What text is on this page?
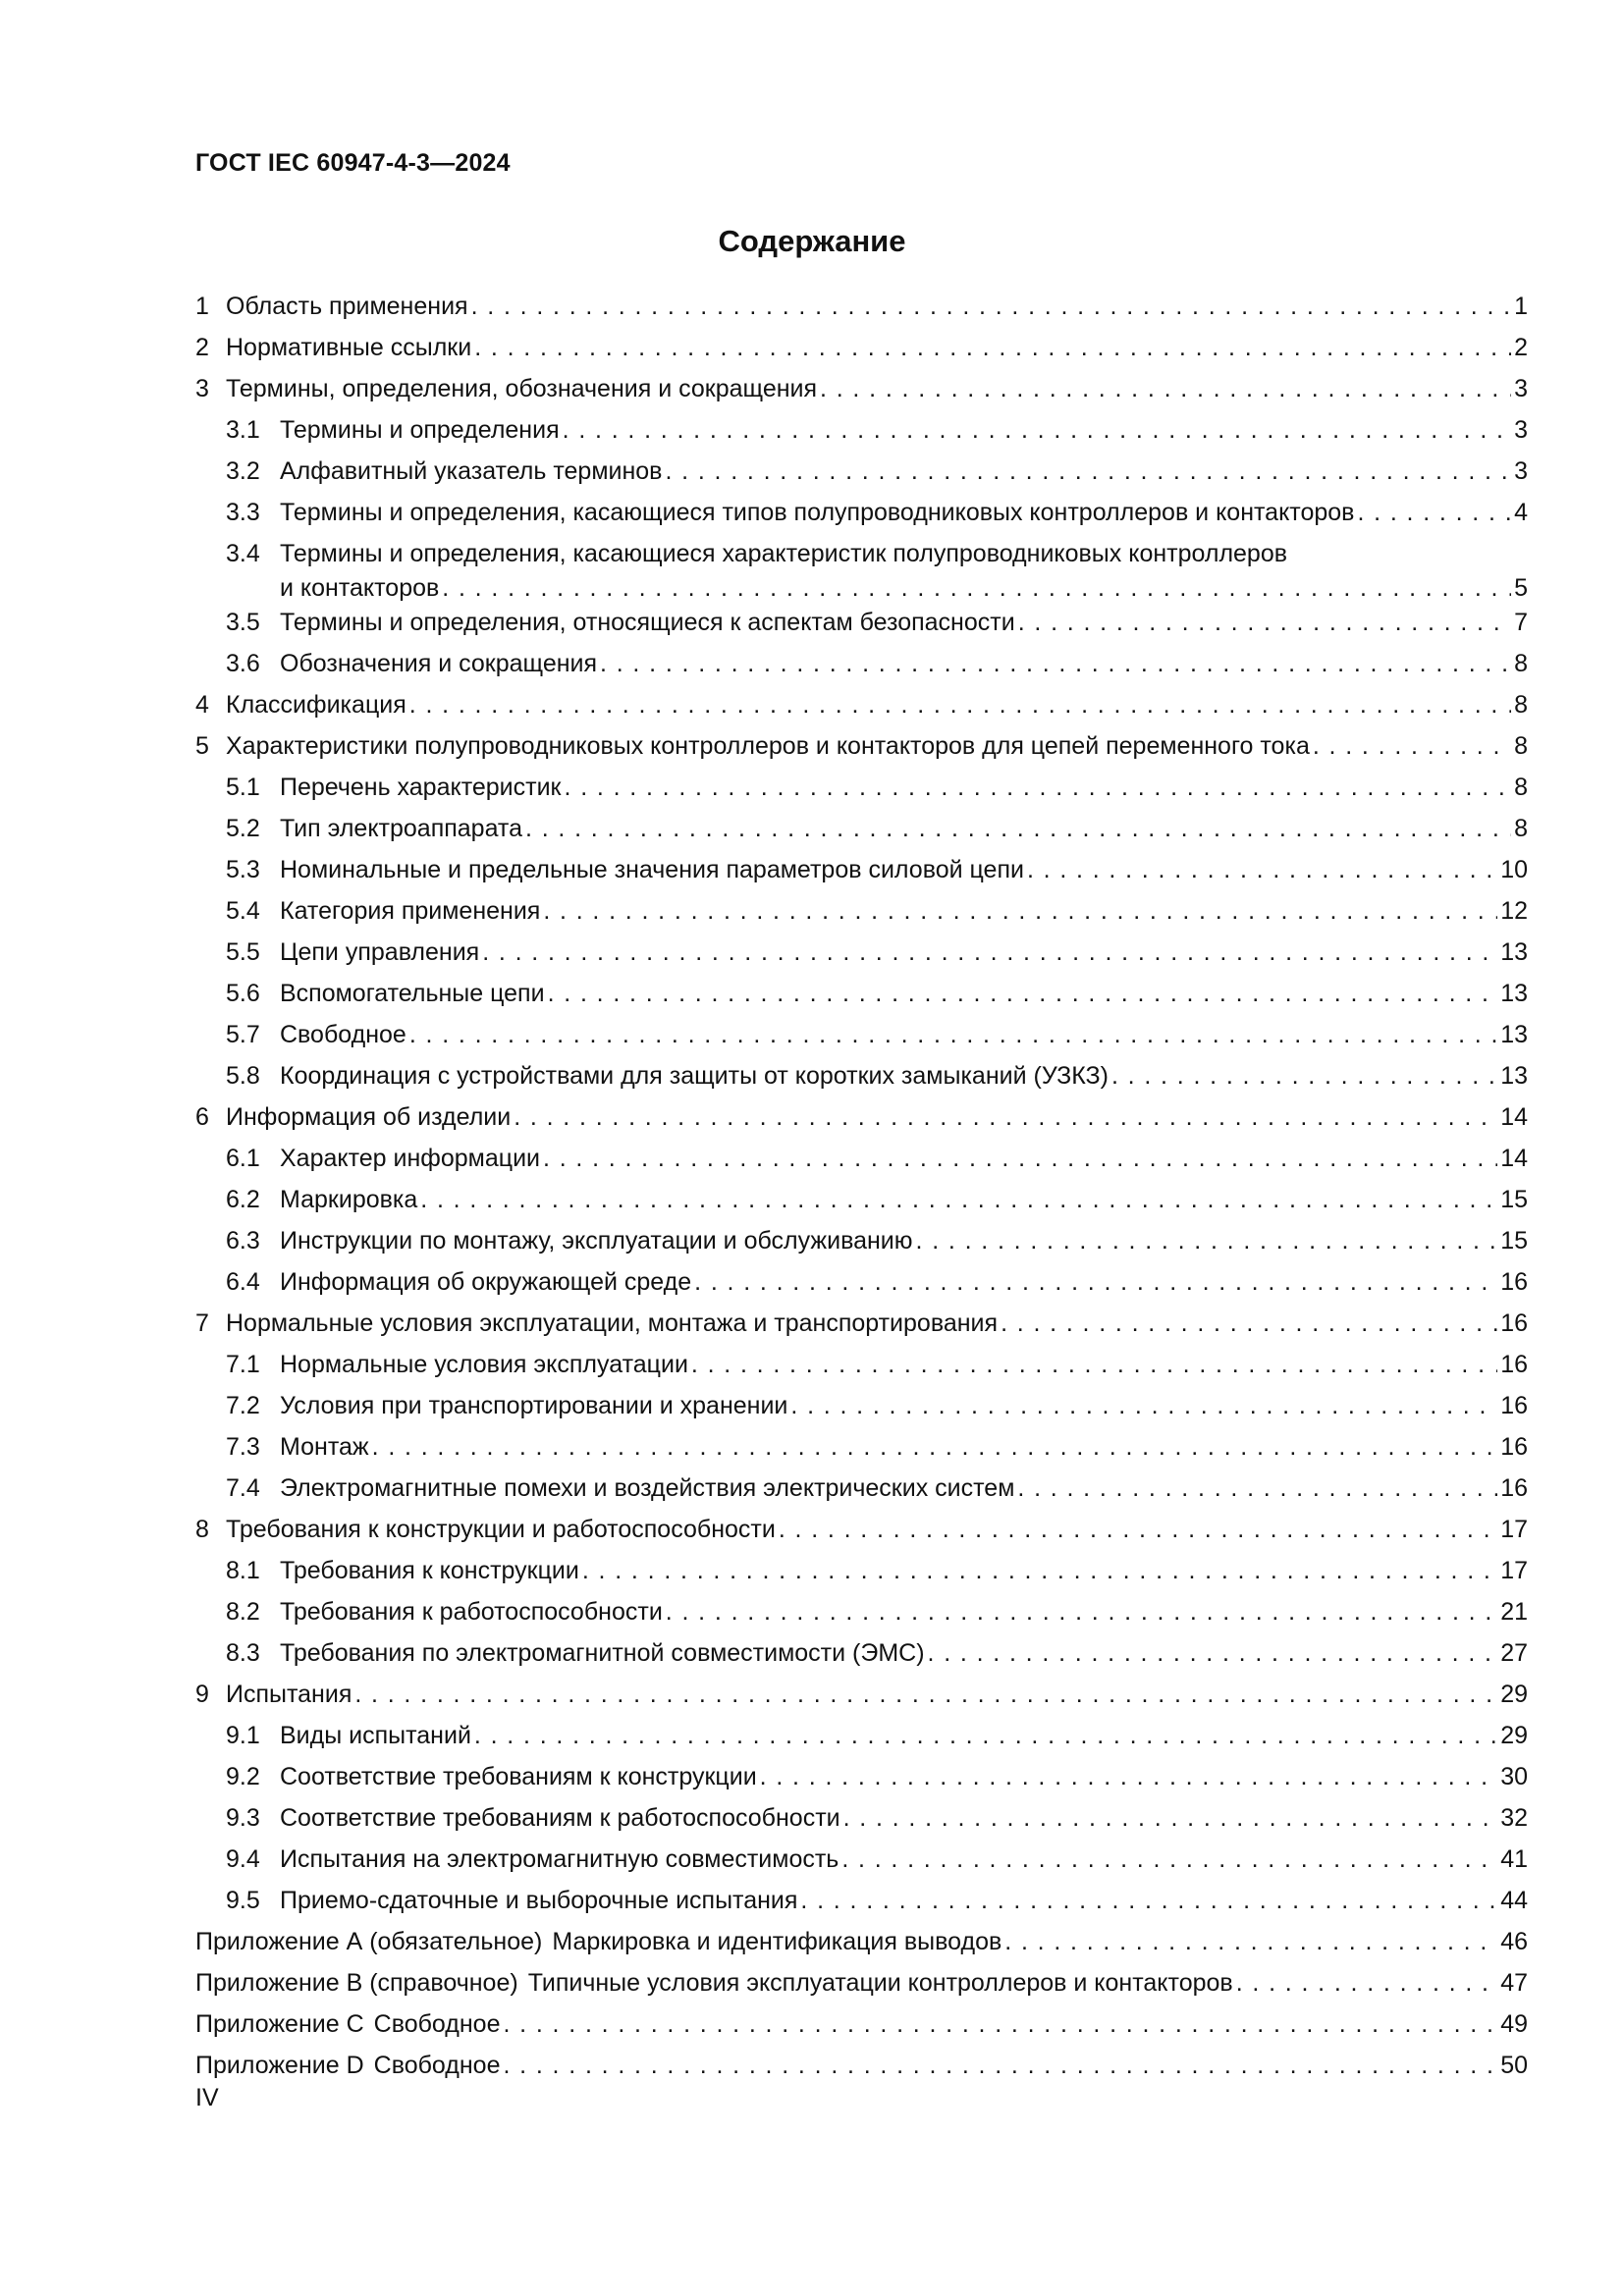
ГОСТ IEC 60947-4-3—2024
Содержание
1 Область применения . . .	1
2 Нормативные ссылки . . .	2
3 Термины, определения, обозначения и сокращения . . .	3
3.1 Термины и определения . . .	3
3.2 Алфавитный указатель терминов . . .	3
3.3 Термины и определения, касающиеся типов полупроводниковых контроллеров и контакторов . . .	4
3.4 Термины и определения, касающиеся характеристик полупроводниковых контроллеров
и контакторов . . .	5
3.5 Термины и определения, относящиеся к аспектам безопасности . . .	7
3.6 Обозначения и сокращения . . .	8
4 Классификация . . .	8
5 Характеристики полупроводниковых контроллеров и контакторов для цепей переменного тока . . .	8
5.1 Перечень характеристик . . .	8
5.2 Тип электроаппарата . . .	8
5.3 Номинальные и предельные значения параметров силовой цепи . . .	10
5.4 Категория применения . . .	12
5.5 Цепи управления . . .	13
5.6 Вспомогательные цепи . . .	13
5.7 Свободное . . .	13
5.8 Координация с устройствами для защиты от коротких замыканий (УЗКЗ) . . .	13
6 Информация об изделии . . .	14
6.1 Характер информации . . .	14
6.2 Маркировка . . .	15
6.3 Инструкции по монтажу, эксплуатации и обслуживанию . . .	15
6.4 Информация об окружающей среде . . .	16
7 Нормальные условия эксплуатации, монтажа и транспортирования . . .	16
7.1 Нормальные условия эксплуатации . . .	16
7.2 Условия при транспортировании и хранении . . .	16
7.3 Монтаж . . .	16
7.4 Электромагнитные помехи и воздействия электрических систем . . .	16
8 Требования к конструкции и работоспособности . . .	17
8.1 Требования к конструкции . . .	17
8.2 Требования к работоспособности . . .	21
8.3 Требования по электромагнитной совместимости (ЭМС) . . .	27
9 Испытания . . .	29
9.1 Виды испытаний . . .	29
9.2 Соответствие требованиям к конструкции . . .	30
9.3 Соответствие требованиям к работоспособности . . .	32
9.4 Испытания на электромагнитную совместимость . . .	41
9.5 Приемо-сдаточные и выборочные испытания . . .	44
Приложение А (обязательное) Маркировка и идентификация выводов . . .	46
Приложение В (справочное) Типичные условия эксплуатации контроллеров и контакторов . . .	47
Приложение С Свободное . . .	49
Приложение D Свободное . . .	50
IV
